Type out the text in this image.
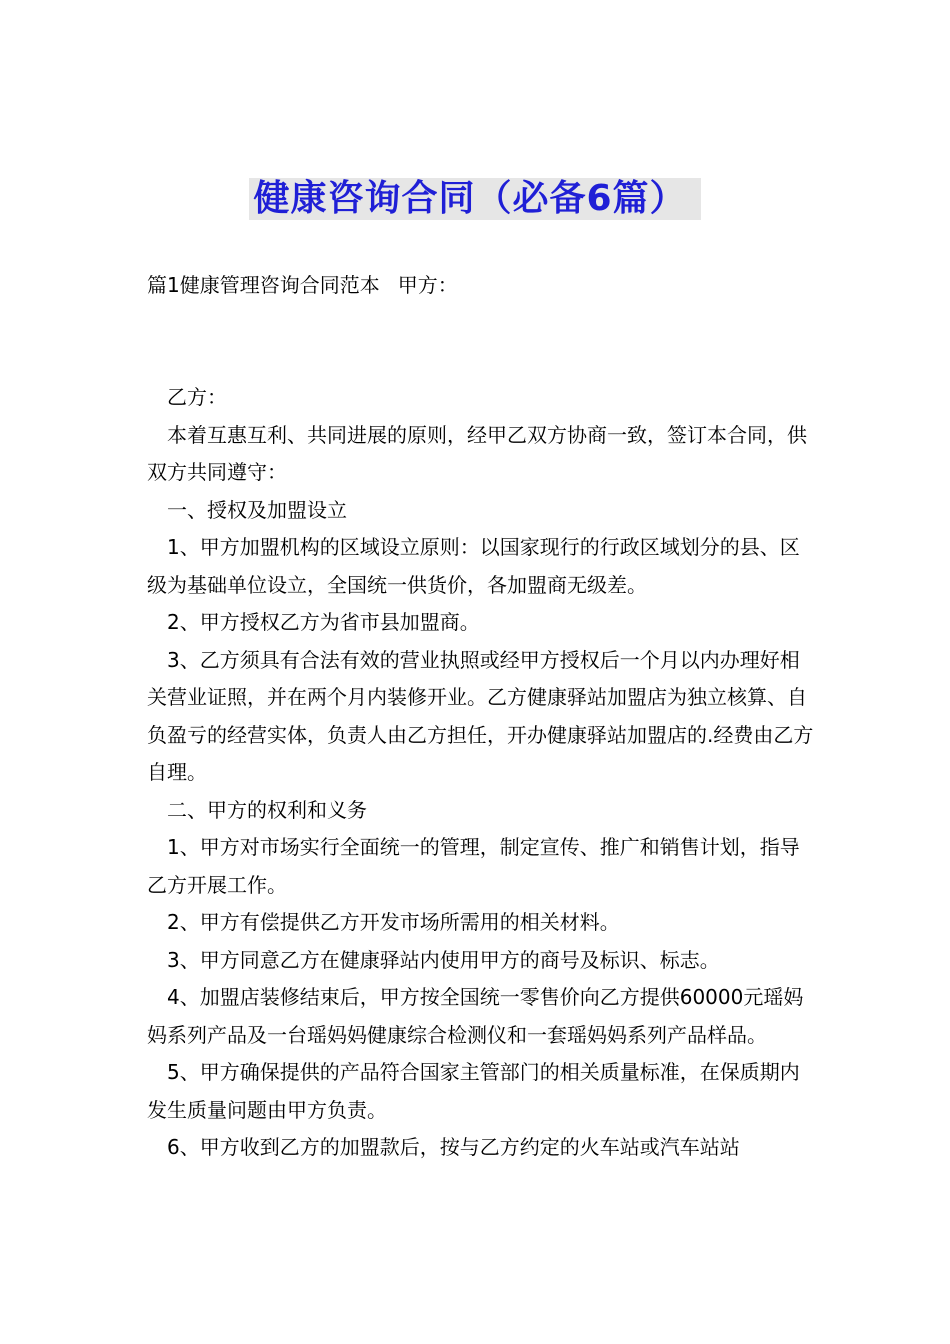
健康咨询合同（必备6篇）
篇1健康管理咨询合同范本 甲方：

乙方：

本着互惠互利、共同进展的原则，经甲乙双方协商一致，签订本合同，供双方共同遵守：

一、授权及加盟设立

1、甲方加盟机构的区域设立原则：以国家现行的行政区域划分的县、区级为基础单位设立，全国统一供货价，各加盟商无级差。

2、甲方授权乙方为省市县加盟商。

3、乙方须具有合法有效的营业执照或经甲方授权后一个月以内办理好相关营业证照，并在两个月内装修开业。乙方健康驿站加盟店为独立核算、自负盈亏的经营实体，负责人由乙方担任，开办健康驿站加盟店的.经费由乙方自理。

二、甲方的权利和义务

1、甲方对市场实行全面统一的管理，制定宣传、推广和销售计划，指导乙方开展工作。

2、甲方有偿提供乙方开发市场所需用的相关材料。

3、甲方同意乙方在健康驿站内使用甲方的商号及标识、标志。

4、加盟店装修结束后，甲方按全国统一零售价向乙方提供60000元瑶妈妈系列产品及一台瑶妈妈健康综合检测仪和一套瑶妈妈系列产品样品。

5、甲方确保提供的产品符合国家主管部门的相关质量标准，在保质期内发生质量问题由甲方负责。

6、甲方收到乙方的加盟款后，按与乙方约定的火车站或汽车站站
